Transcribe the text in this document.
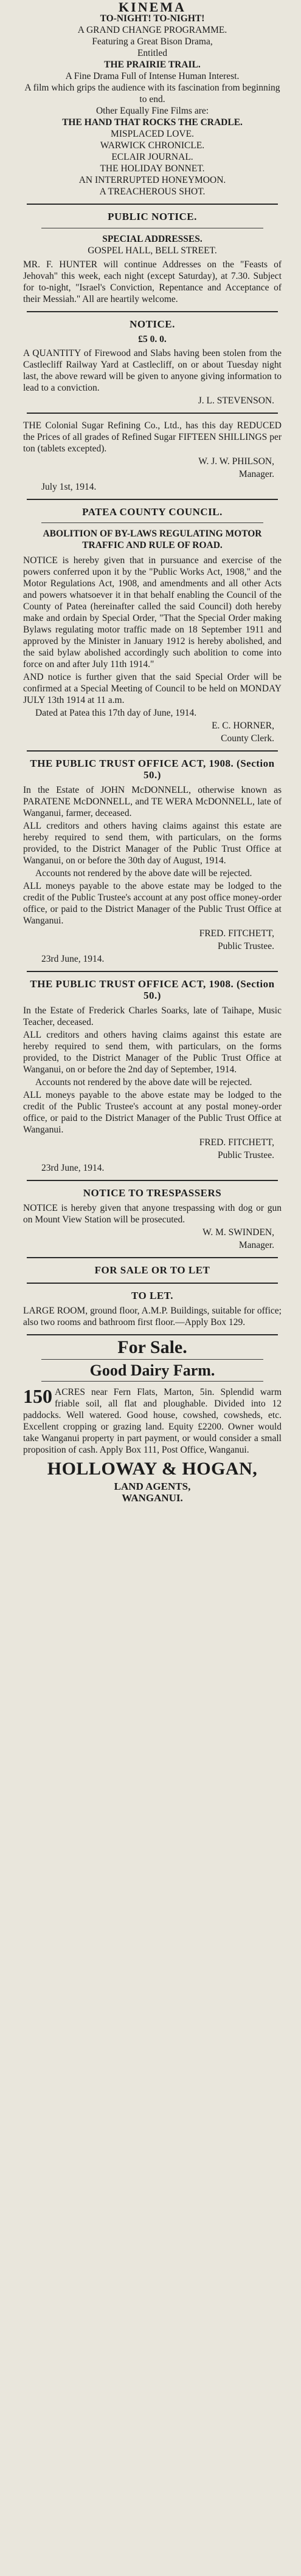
KINEMA
TO-NIGHT! TO-NIGHT!
A GRAND CHANGE PROGRAMME.
Featuring a Great Bison Drama,
Entitled
THE PRAIRIE TRAIL.
A Fine Drama Full of Intense Human Interest.
A film which grips the audience with its fascination from beginning to end.
Other Equally Fine Films are:
THE HAND THAT ROCKS THE CRADLE.
MISPLACED LOVE.
WARWICK CHRONICLE.
ECLAIR JOURNAL.
THE HOLIDAY BONNET.
AN INTERRUPTED HONEYMOON.
A TREACHEROUS SHOT.
PUBLIC NOTICE.
SPECIAL ADDRESSES.
GOSPEL HALL, BELL STREET.

MR. F. HUNTER will continue Addresses on the "Feasts of Jehovah" this week, each night (except Saturday), at 7.30. Subject for to-night, "Israel's Conviction, Repentance and Acceptance of their Messiah." All are heartily welcome.

NOTICE.
£5 0. 0.

A QUANTITY of Firewood and Slabs having been stolen from the Castlecliff Railway Yard at Castlecliff, on or about Tuesday night last, the above reward will be given to anyone giving information to lead to a conviction.

J. L. STEVENSON.

THE Colonial Sugar Refining Co., Ltd., has this day REDUCED the Prices of all grades of Refined Sugar FIFTEEN SHILLINGS per ton (tablets excepted).

W. J. W. PHILSON,
Manager.
July 1st, 1914.
PATEA COUNTY COUNCIL.
ABOLITION OF BY-LAWS REGULATING MOTOR TRAFFIC AND RULE OF ROAD.

NOTICE is hereby given that in pursuance and exercise of the powers conferred upon it by the "Public Works Act, 1908," and the Motor Regulations Act, 1908, and amendments and all other Acts and powers whatsoever it in that behalf enabling the Council of the County of Patea (hereinafter called the said Council) doth hereby make and ordain by Special Order, "That the Special Order making Bylaws regulating motor traffic made on 18 September 1911 and approved by the Minister in January 1912 is hereby abolished, and the said bylaw abolished accordingly such abolition to come into force on and after July 11th 1914."

AND notice is further given that the said Special Order will be confirmed at a Special Meeting of Council to be held on MONDAY JULY 13th 1914 at 11 a.m.

Dated at Patea this 17th day of June, 1914.

E. C. HORNER,
County Clerk.
THE PUBLIC TRUST OFFICE ACT, 1908. (Section 50.)

In the Estate of JOHN McDONNELL, otherwise known as PARATENE McDONNELL, and TE WERA McDONNELL, late of Wanganui, farmer, deceased.

ALL creditors and others having claims against this estate are hereby required to send them, with particulars, on the forms provided, to the District Manager of the Public Trust Office at Wanganui, on or before the 30th day of August, 1914.

Accounts not rendered by the above date will be rejected.

ALL moneys payable to the above estate may be lodged to the credit of the Public Trustee's account at any post office money-order office, or paid to the District Manager of the Public Trust Office at Wanganui.

FRED. FITCHETT,
Public Trustee.
23rd June, 1914.
THE PUBLIC TRUST OFFICE ACT, 1908. (Section 50.)

In the Estate of Frederick Charles Soarks, late of Taihape, Music Teacher, deceased.

ALL creditors and others having claims against this estate are hereby required to send them, with particulars, on the forms provided, to the District Manager of the Public Trust Office at Wanganui, on or before the 2nd day of September, 1914.

Accounts not rendered by the above date will be rejected.

ALL moneys payable to the above estate may be lodged to the credit of the Public Trustee's account at any postal money-order office, or paid to the District Manager of the Public Trust Office at Wanganui.

FRED. FITCHETT,
Public Trustee.
23rd June, 1914.
NOTICE TO TRESPASSERS

NOTICE is hereby given that anyone trespassing with dog or gun on Mount View Station will be prosecuted.

W. M. SWINDEN,
Manager.
FOR SALE OR TO LET
TO LET.

LARGE ROOM, ground floor, A.M.P. Buildings, suitable for office; also two rooms and bathroom first floor.—Apply Box 129.

For Sale.
Good Dairy Farm.
150 ACRES near Fern Flats, Marton, 5in. Splendid warm friable soil, all flat and ploughable. Divided into 12 paddocks. Well watered. Good house, cowshed, cowsheds, etc. Excellent cropping or grazing land. Equity £2200. Owner would take Wanganui property in part payment, or would consider a small proposition of cash. Apply Box 111, Post Office, Wanganui.

HOLLOWAY & HOGAN,
LAND AGENTS,
WANGANUI.
